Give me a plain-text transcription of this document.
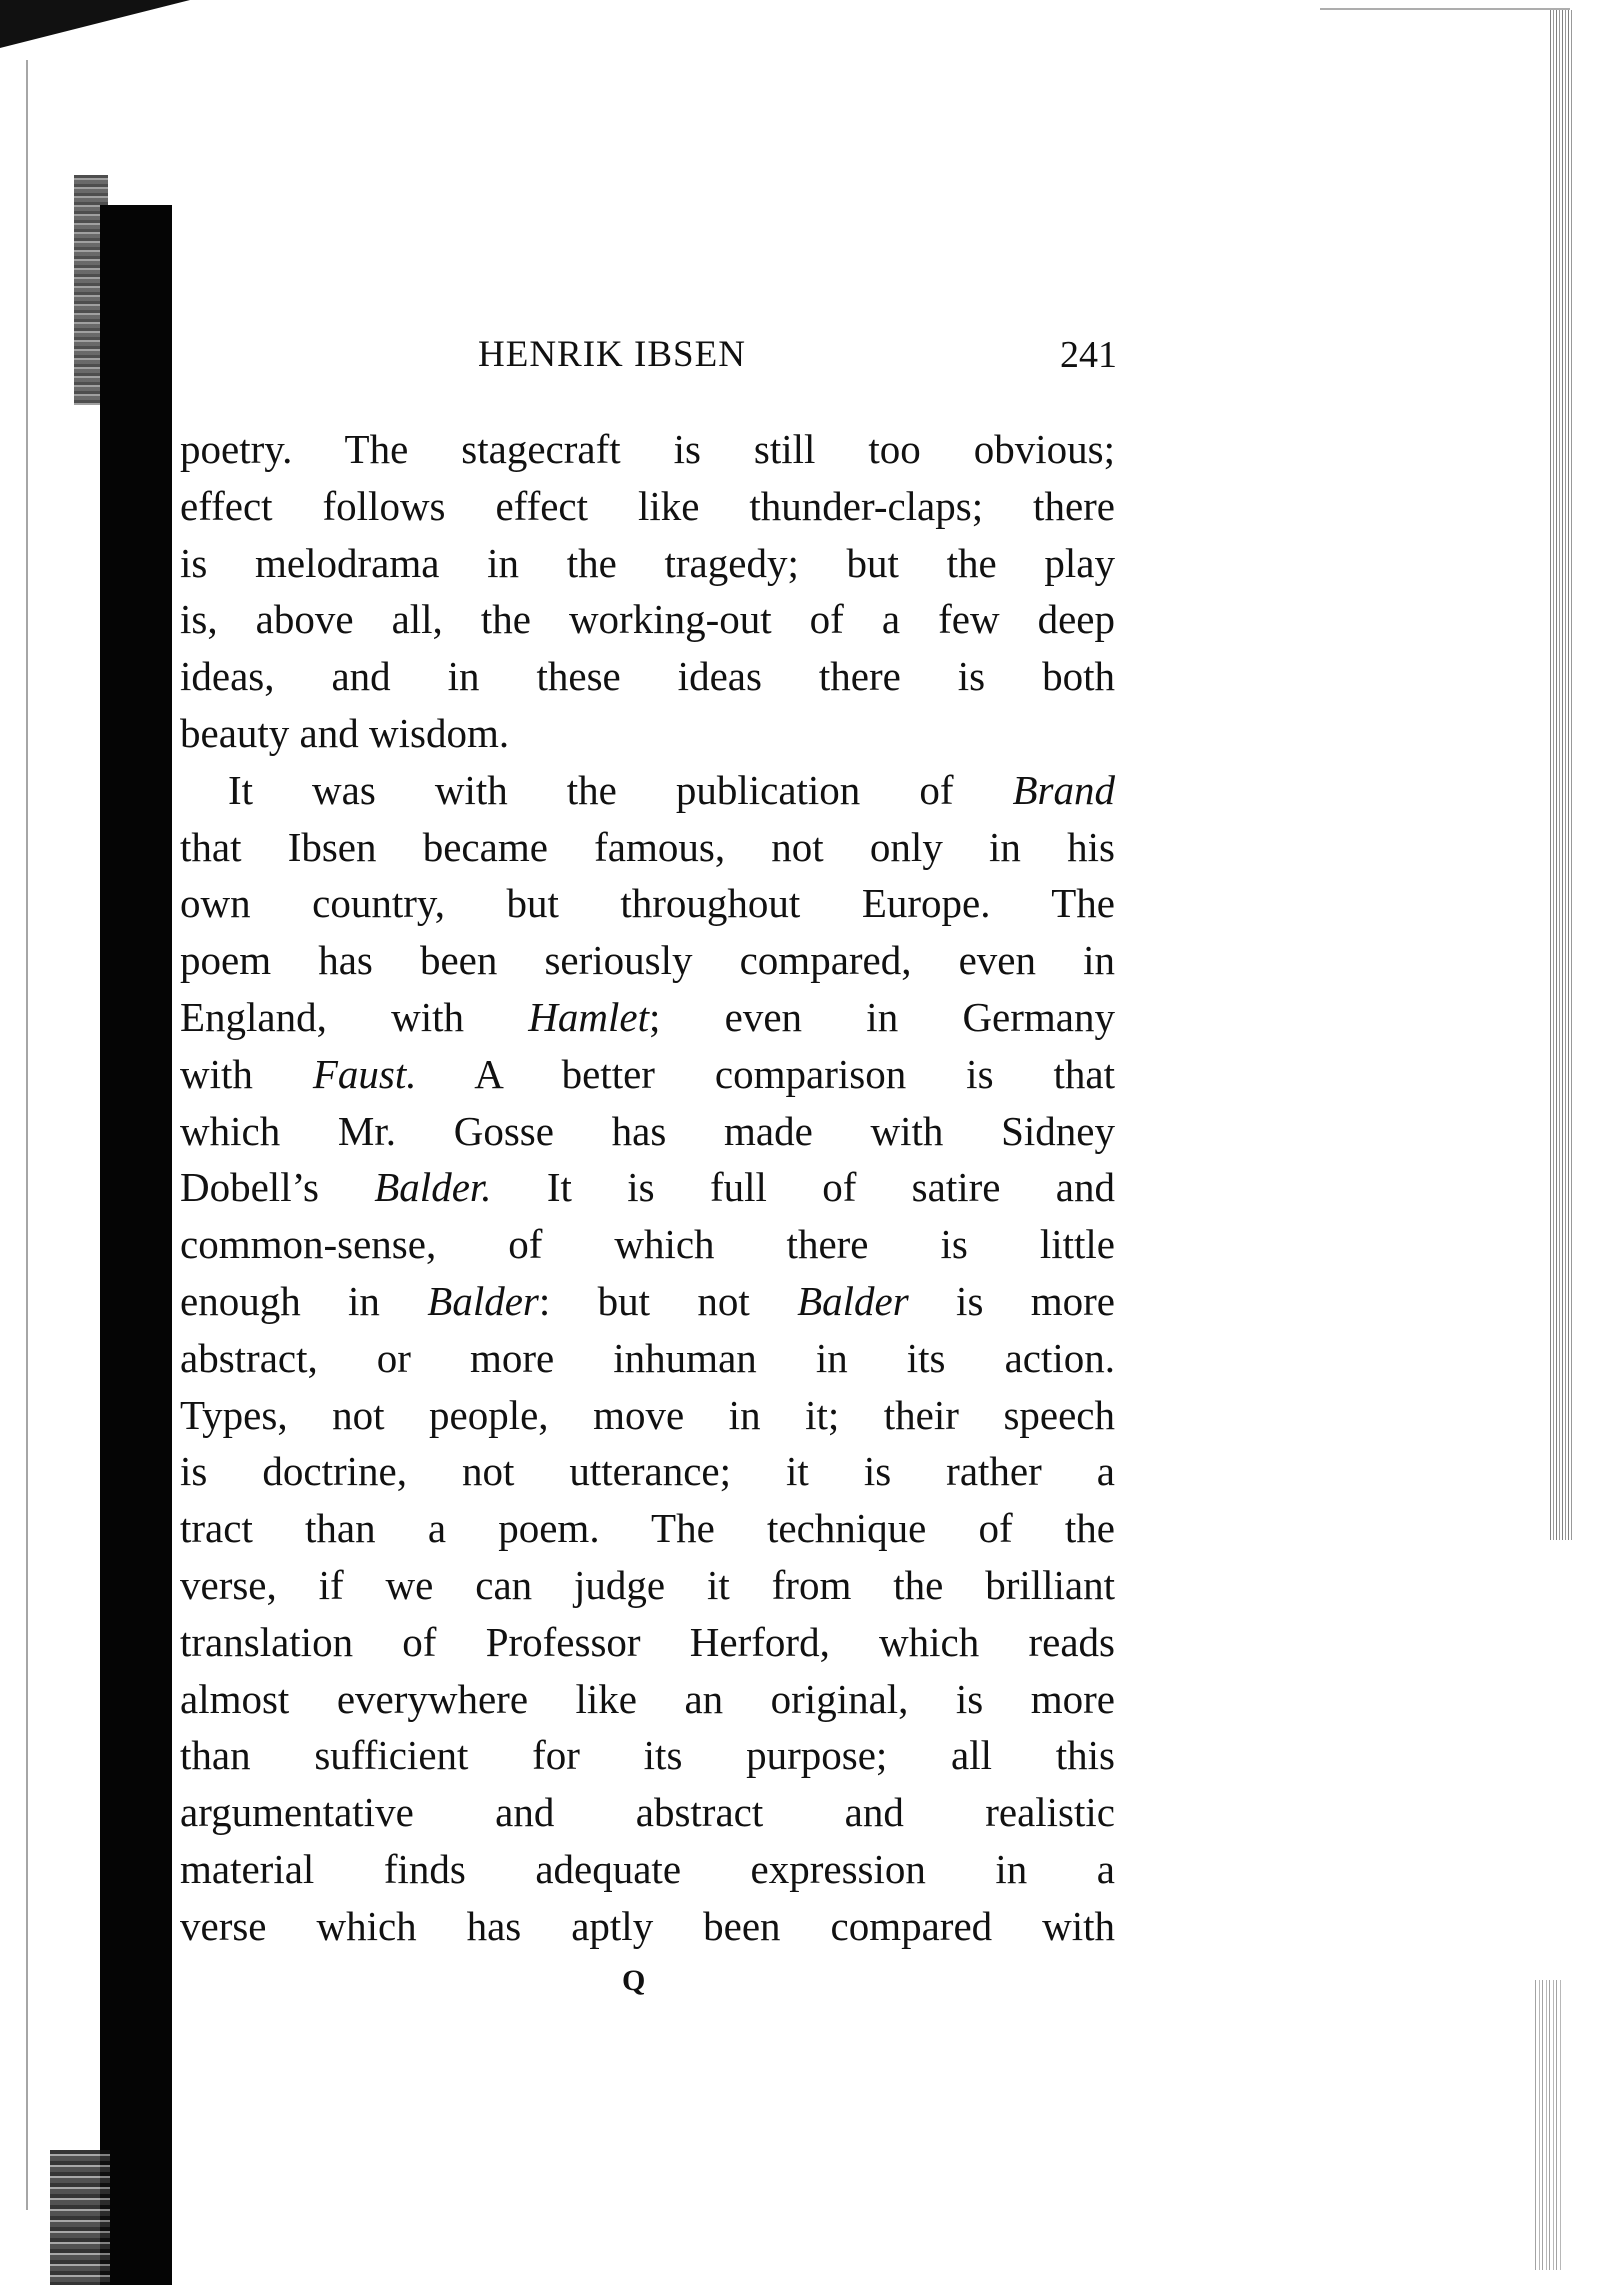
HENRIK IBSEN	241

poetry. The stagecraft is still too obvious;

effect follows effect like thunder-claps; there

is melodrama in the tragedy; but the play

is, above all, the working-out of a few deep

ideas, and in these ideas there is both

beauty and wisdom.

It was with the publication of Brand

that Ibsen became famous, not only in his

own country, but throughout Europe. The

poem has been seriously compared, even in

England, with Hamlet; even in Germany

with Faust. A better comparison is that

which Mr. Gosse has made with Sidney

Dobell’s Balder. It is full of satire and

common-sense, of which there is little

enough in Balder: but not Balder is more

abstract, or more inhuman in its action.

Types, not people, move in it; their speech

is doctrine, not utterance; it is rather a

tract than a poem. The technique of the

verse, if we can judge it from the brilliant

translation of Professor Herford, which reads

almost everywhere like an original, is more

than sufficient for its purpose; all this

argumentative and abstract and realistic

material finds adequate expression in a

verse which has aptly been compared with

Q
